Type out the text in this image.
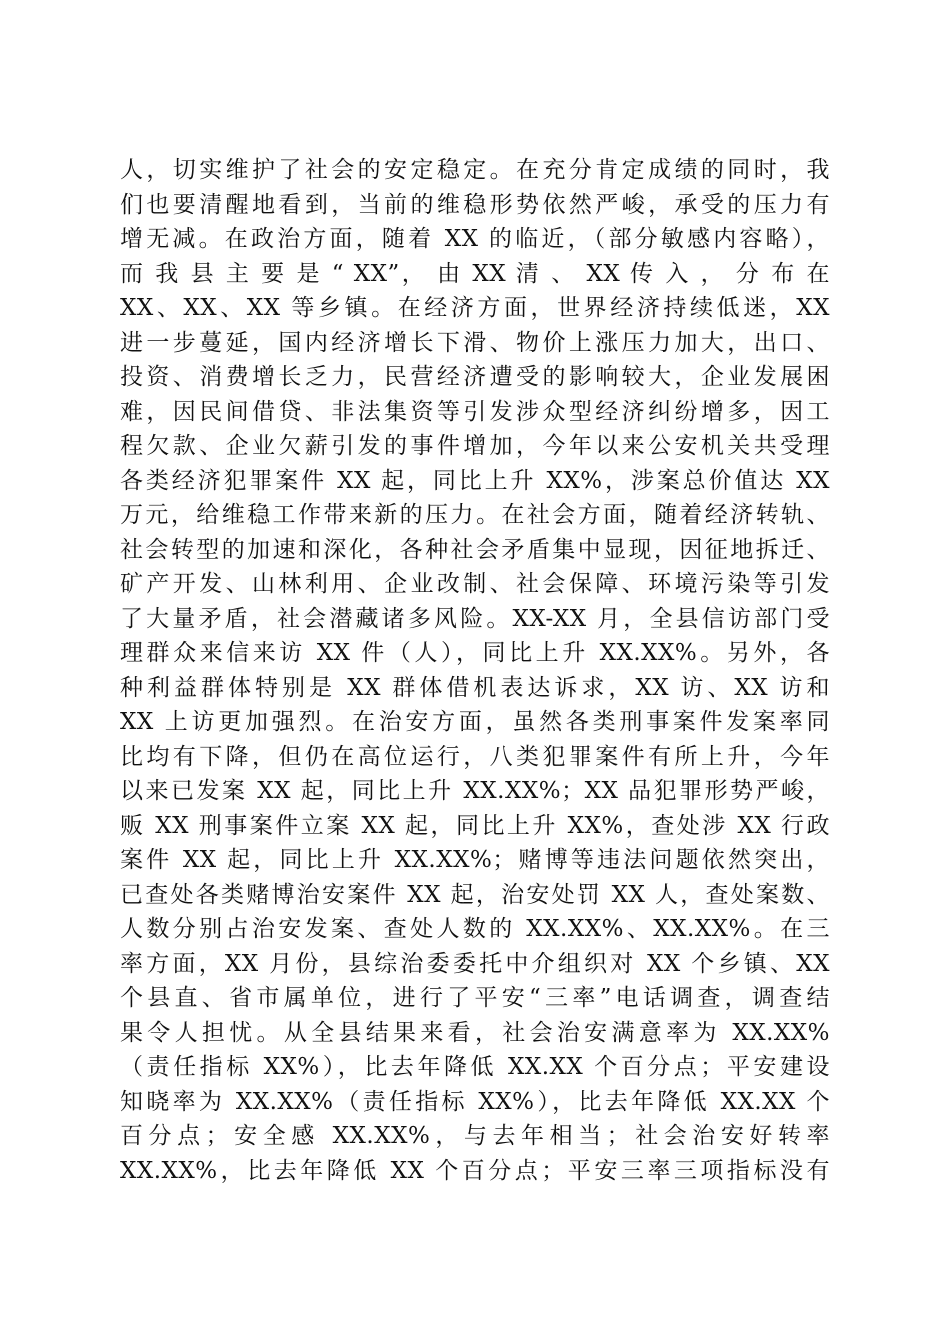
人，切实维护了社会的安定稳定。在充分肯定成绩的同时，我
们也要清醒地看到，当前的维稳形势依然严峻，承受的压力有
增无减。在政治方面，随着 XX 的临近，（部分敏感内容略），
而 我 县 主 要 是 “ XX”， 由 XX 清 、 XX 传 入 ， 分 布 在
XX、XX、XX 等乡镇。在经济方面，世界经济持续低迷，XX
进一步蔓延，国内经济增长下滑、物价上涨压力加大，出口、
投资、消费增长乏力，民营经济遭受的影响较大，企业发展困
难，因民间借贷、非法集资等引发涉众型经济纠纷增多，因工
程欠款、企业欠薪引发的事件增加，今年以来公安机关共受理
各类经济犯罪案件 XX 起，同比上升 XX%，涉案总价值达 XX
万元，给维稳工作带来新的压力。在社会方面，随着经济转轨、
社会转型的加速和深化，各种社会矛盾集中显现，因征地拆迁、
矿产开发、山林利用、企业改制、社会保障、环境污染等引发
了大量矛盾，社会潜藏诸多风险。XX-XX 月，全县信访部门受
理群众来信来访 XX 件（人），同比上升 XX.XX%。另外，各
种利益群体特别是 XX 群体借机表达诉求，XX 访、XX 访和
XX 上访更加强烈。在治安方面，虽然各类刑事案件发案率同
比均有下降，但仍在高位运行，八类犯罪案件有所上升，今年
以来已发案 XX 起，同比上升 XX.XX%；XX 品犯罪形势严峻，
贩 XX 刑事案件立案 XX 起，同比上升 XX%，查处涉 XX 行政
案件 XX 起，同比上升 XX.XX%；赌博等违法问题依然突出，
已查处各类赌博治安案件 XX 起，治安处罚 XX 人，查处案数、
人数分别占治安发案、查处人数的 XX.XX%、XX.XX%。在三
率方面，XX 月份，县综治委委托中介组织对 XX 个乡镇、XX
个县直、省市属单位，进行了平安“三率”电话调查，调查结
果令人担忧。从全县结果来看，社会治安满意率为 XX.XX%
（责任指标 XX%），比去年降低 XX.XX 个百分点；平安建设
知晓率为 XX.XX%（责任指标 XX%），比去年降低 XX.XX 个
百分点；安全感 XX.XX%，与去年相当；社会治安好转率
XX.XX%，比去年降低 XX 个百分点；平安三率三项指标没有
